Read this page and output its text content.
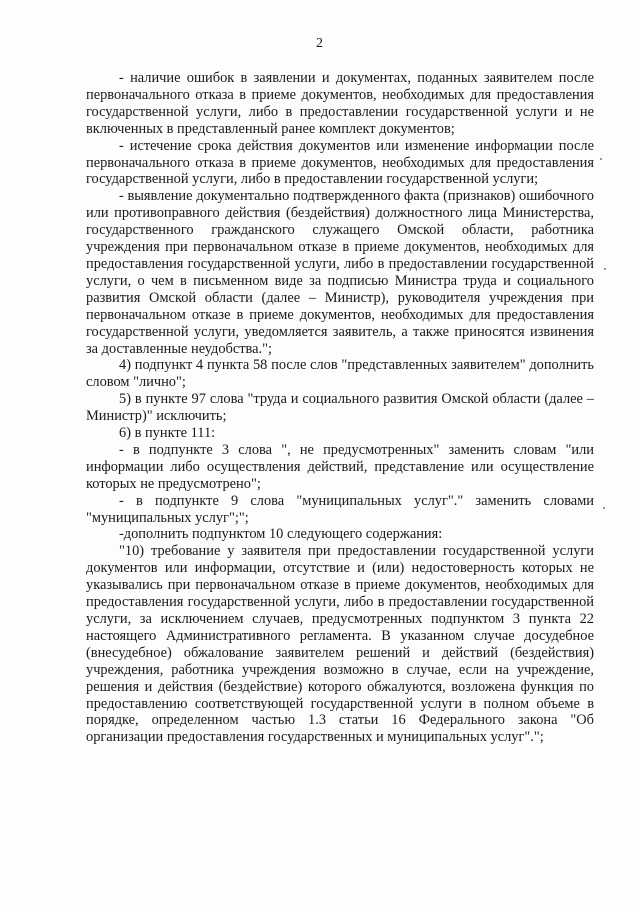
2

- наличие ошибок в заявлении и документах, поданных заявителем после первоначального отказа в приеме документов, необходимых для предоставления государственной услуги, либо в предоставлении государственной услуги и не включенных в представленный ранее комплект документов;

- истечение срока действия документов или изменение информации после первоначального отказа в приеме документов, необходимых для предоставления государственной услуги, либо в предоставлении государственной услуги;

- выявление документально подтвержденного факта (признаков) ошибочного или противоправного действия (бездействия) должностного лица Министерства, государственного гражданского служащего Омской области, работника учреждения при первоначальном отказе в приеме документов, необходимых для предоставления государственной услуги, либо в предоставлении государственной услуги, о чем в письменном виде за подписью Министра труда и социального развития Омской области (далее – Министр), руководителя учреждения при первоначальном отказе в приеме документов, необходимых для предоставления государственной услуги, уведомляется заявитель, а также приносятся извинения за доставленные неудобства.";

4) подпункт 4 пункта 58 после слов "представленных заявителем" дополнить словом "лично";

5) в пункте 97 слова "труда и социального развития Омской области (далее – Министр)" исключить;

6) в пункте 111:

- в подпункте 3 слова ", не предусмотренных" заменить словам "или информации либо осуществления действий, представление или осуществление которых не предусмотрено";

- в подпункте 9 слова "муниципальных услуг"." заменить словами "муниципальных услуг";";

-дополнить подпунктом 10 следующего содержания:

"10) требование у заявителя при предоставлении государственной услуги документов или информации, отсутствие и (или) недостоверность которых не указывались при первоначальном отказе в приеме документов, необходимых для предоставления государственной услуги, либо в предоставлении государственной услуги, за исключением случаев, предусмотренных подпунктом 3 пункта 22 настоящего Административного регламента. В указанном случае досудебное (внесудебное) обжалование заявителем решений и действий (бездействия) учреждения, работника учреждения возможно в случае, если на учреждение, решения и действия (бездействие) которого обжалуются, возложена функция по предоставлению соответствующей государственной услуги в полном объеме в порядке, определенном частью 1.3 статьи 16 Федерального закона "Об организации предоставления государственных и муниципальных услуг".";
